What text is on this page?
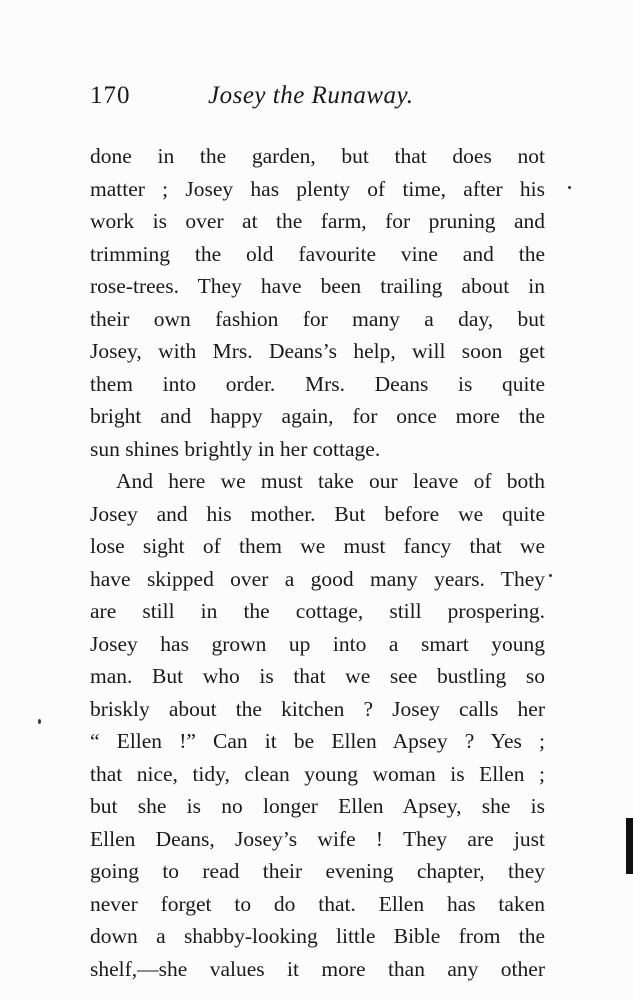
170	Josey the Runaway.
done in the garden, but that does not
matter ; Josey has plenty of time, after his
work is over at the farm, for pruning and
trimming the old favourite vine and the
rose-trees. They have been trailing about in
their own fashion for many a day, but
Josey, with Mrs. Deans’s help, will soon get
them into order. Mrs. Deans is quite
bright and happy again, for once more the
sun shines brightly in her cottage.
And here we must take our leave of both
Josey and his mother. But before we quite
lose sight of them we must fancy that we
have skipped over a good many years. They
are still in the cottage, still prospering.
Josey has grown up into a smart young
man. But who is that we see bustling so
briskly about the kitchen ? Josey calls her
“ Ellen !” Can it be Ellen Apsey ? Yes ;
that nice, tidy, clean young woman is Ellen ;
but she is no longer Ellen Apsey, she is
Ellen Deans, Josey’s wife ! They are just
going to read their evening chapter, they
never forget to do that. Ellen has taken
down a shabby-looking little Bible from the
shelf,—she values it more than any other
